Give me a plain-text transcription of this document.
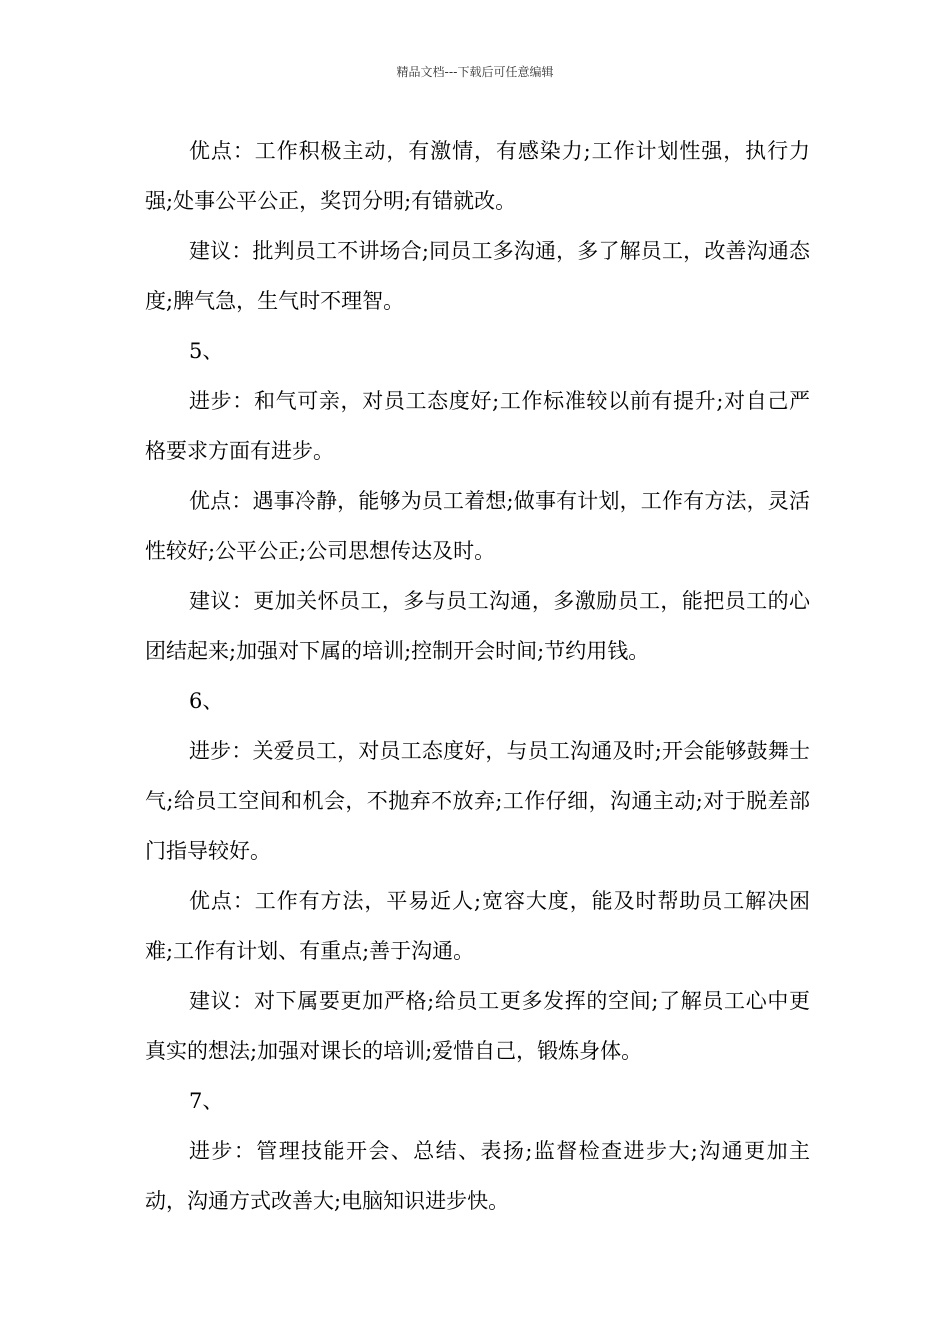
精品文档---下载后可任意编辑

优点：工作积极主动，有激情，有感染力;工作计划性强，执行力强;处事公平公正，奖罚分明;有错就改。

建议：批判员工不讲场合;同员工多沟通，多了解员工，改善沟通态度;脾气急，生气时不理智。

5、

进步：和气可亲，对员工态度好;工作标准较以前有提升;对自己严格要求方面有进步。

优点：遇事冷静，能够为员工着想;做事有计划，工作有方法，灵活性较好;公平公正;公司思想传达及时。

建议：更加关怀员工，多与员工沟通，多激励员工，能把员工的心团结起来;加强对下属的培训;控制开会时间;节约用钱。

6、

进步：关爱员工，对员工态度好，与员工沟通及时;开会能够鼓舞士气;给员工空间和机会，不抛弃不放弃;工作仔细，沟通主动;对于脱差部门指导较好。

优点：工作有方法，平易近人;宽容大度，能及时帮助员工解决困难;工作有计划、有重点;善于沟通。

建议：对下属要更加严格;给员工更多发挥的空间;了解员工心中更真实的想法;加强对课长的培训;爱惜自己，锻炼身体。

7、

进步：管理技能开会、总结、表扬;监督检查进步大;沟通更加主动，沟通方式改善大;电脑知识进步快。
